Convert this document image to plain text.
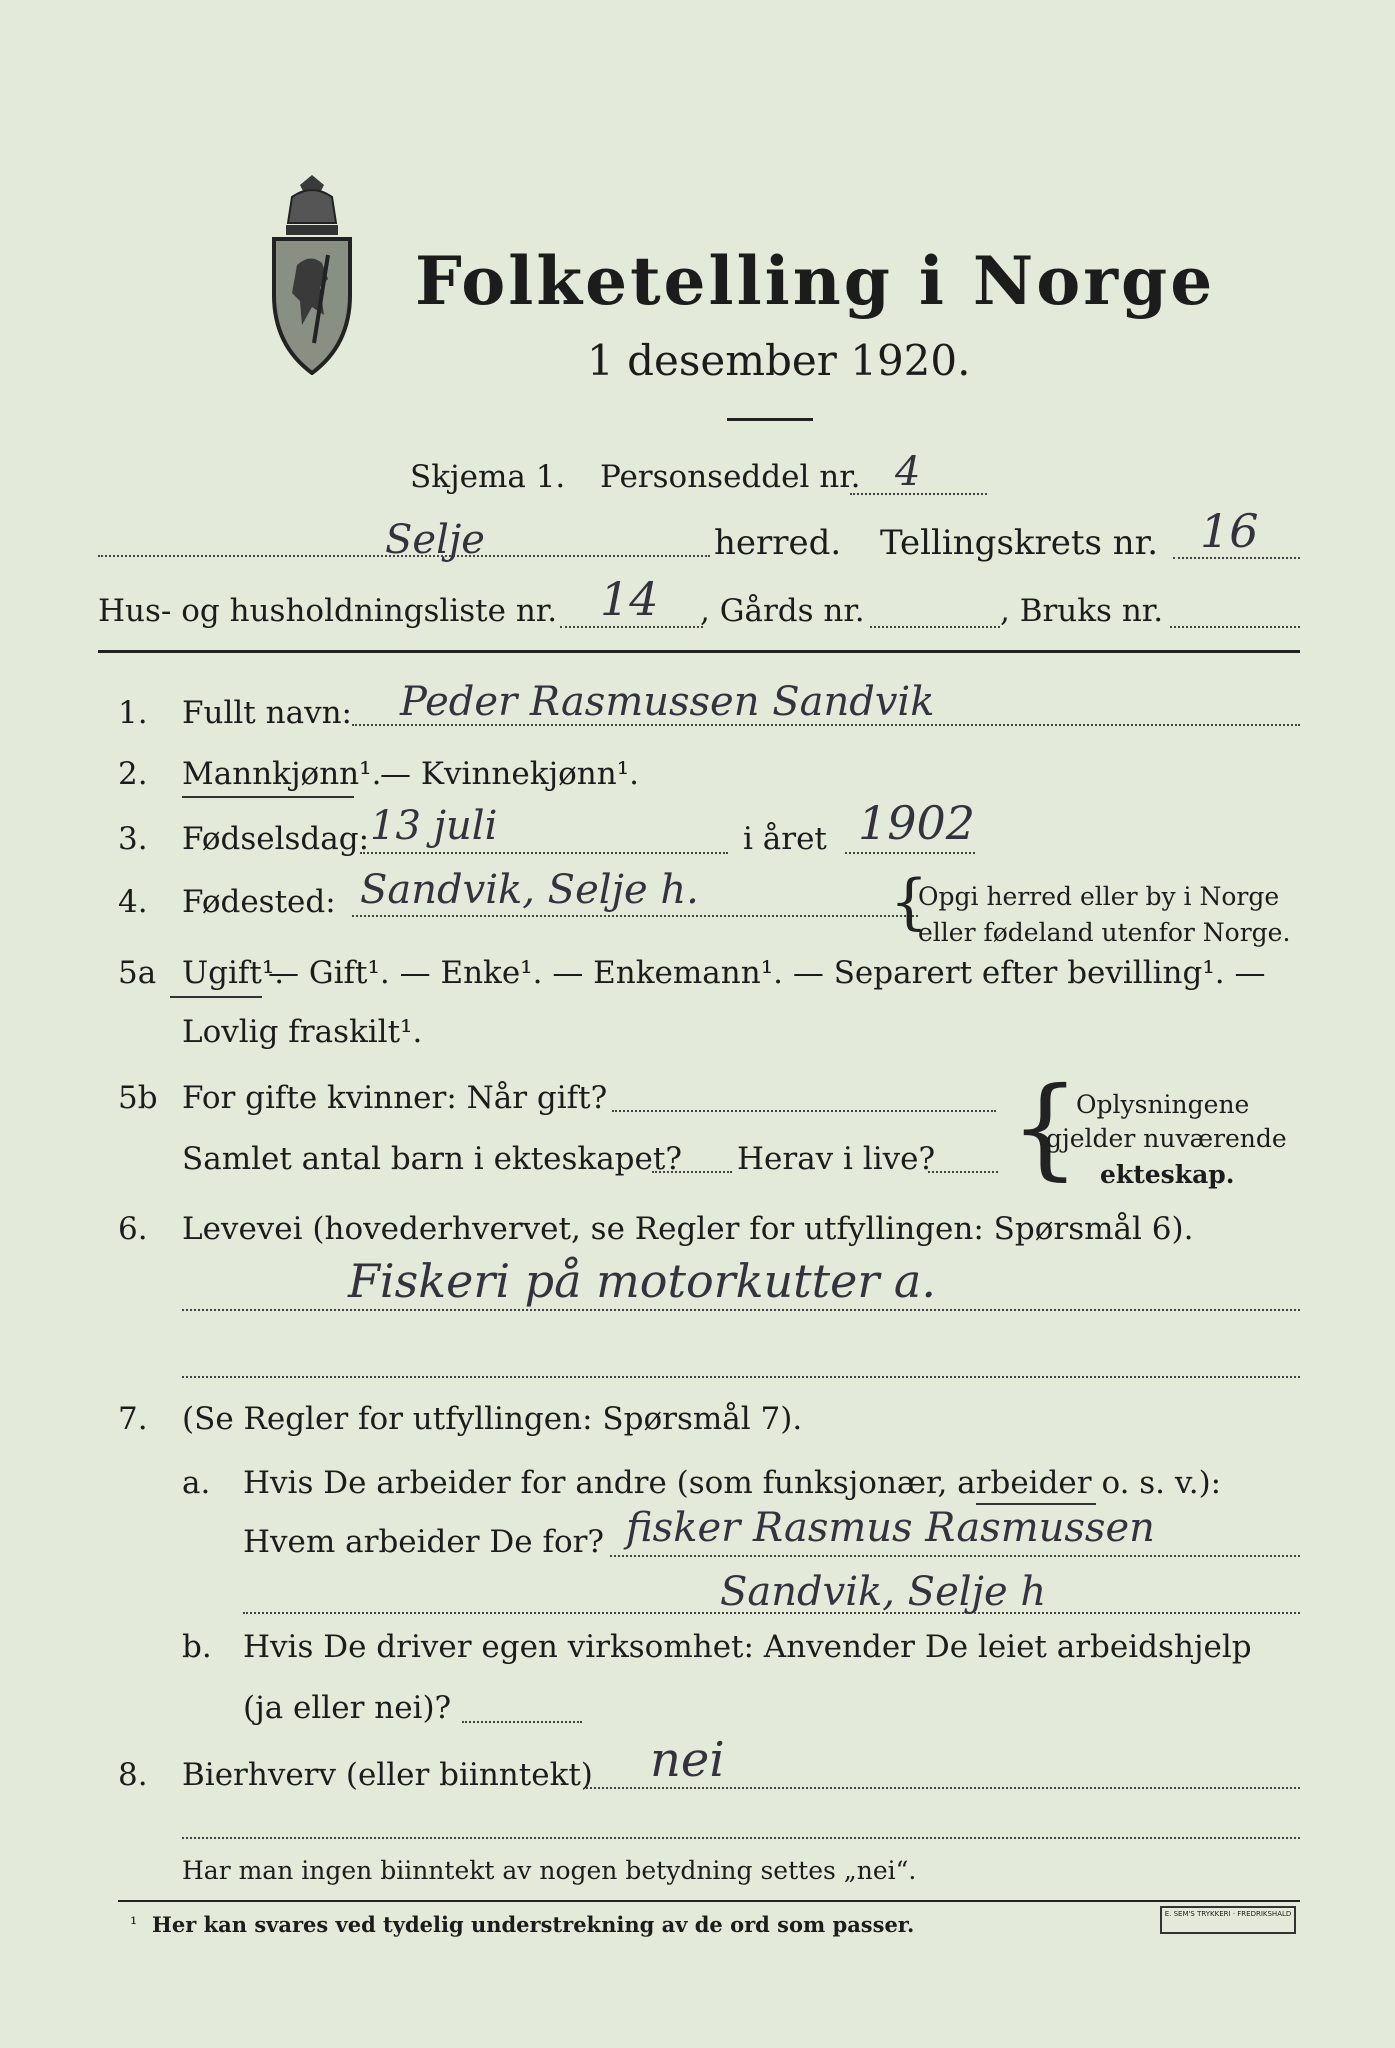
Folketelling i Norge
1 desember 1920.
Skjema 1. Personseddel nr. 4
Selje	herred. Tellingskrets nr. 16
Hus- og husholdningsliste nr. 14 , Gårds nr.	, Bruks nr.
1. Fullt navn: Peder Rasmussen Sandvik
2. Mannkjønn¹.
— Kvinnekjønn¹.
3. Fødselsdag: 13 juli	i året 1902
4. Fødested: Sandvik, Selje h.	{
Opgi herred eller by i Norge
eller fødeland utenfor Norge.
5a Ugift¹.
— Gift¹. — Enke¹. — Enkemann¹. — Separert efter bevilling¹. —
Lovlig fraskilt¹.
5b For gifte kvinner: Når gift?
Samlet antal barn i ekteskapet? Herav i live? {
Oplysningene
gjelder nuværende
ekteskap.
6. Levevei (hovederhvervet, se Regler for utfyllingen: Spørsmål 6).
Fiskeri på motorkutter a.
7. (Se Regler for utfyllingen: Spørsmål 7).
a. Hvis De arbeider for andre (som funksjonær, arbeider o. s. v.):
Hvem arbeider De for? fisker Rasmus Rasmussen
Sandvik, Selje h
b. Hvis De driver egen virksomhet: Anvender De leiet arbeidshjelp
(ja eller nei)?
8. Bierhverv (eller biinntekt) nei
Har man ingen biinntekt av nogen betydning settes „nei“.
¹ Her kan svares ved tydelig understrekning av de ord som passer.	E. SEM'S TRYKKERI · FREDRIKSHALD
